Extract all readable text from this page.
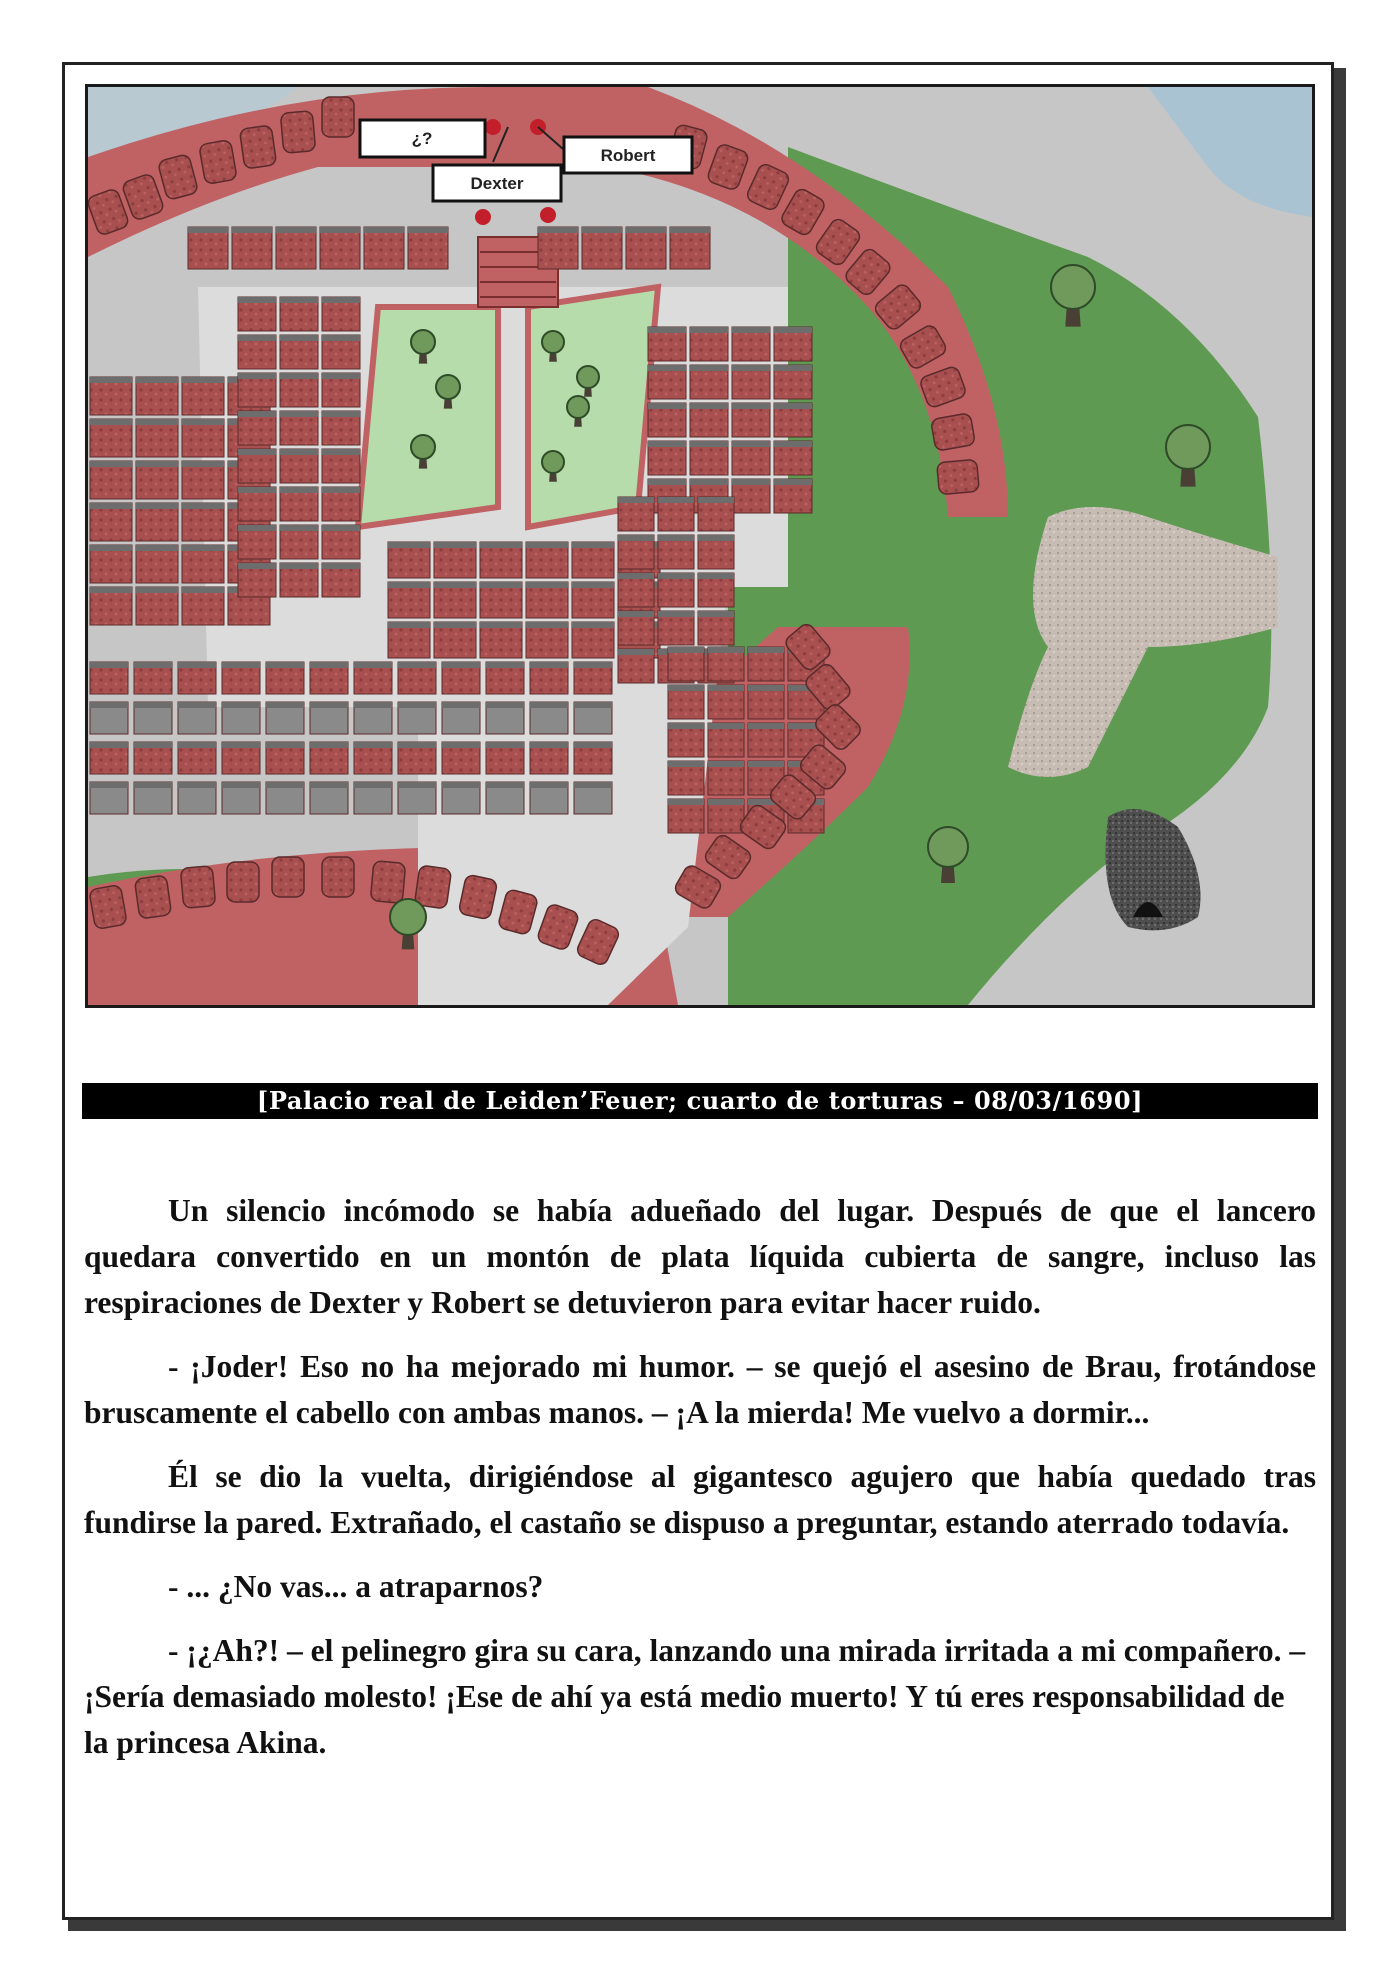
¿?
Dexter
Robert
[Palacio real de Leiden’Feuer; cuarto de torturas – 08/03/1690]

Un silencio incómodo se había adueñado del lugar. Después de que el lancero quedara convertido en un montón de plata líquida cubierta de sangre, incluso las respiraciones de Dexter y Robert se detuvieron para evitar hacer ruido.

- ¡Joder! Eso no ha mejorado mi humor. – se quejó el asesino de Brau, frotándose bruscamente el cabello con ambas manos. – ¡A la mierda! Me vuelvo a dormir...

Él se dio la vuelta, dirigiéndose al gigantesco agujero que había quedado tras fundirse la pared. Extrañado, el castaño se dispuso a preguntar, estando aterrado todavía.

- ... ¿No vas... a atraparnos?

- ¡¿Ah?! – el pelinegro gira su cara, lanzando una mirada irritada a mi compañero. – ¡Sería demasiado molesto! ¡Ese de ahí ya está medio muerto! Y tú eres responsabilidad de la princesa Akina.
